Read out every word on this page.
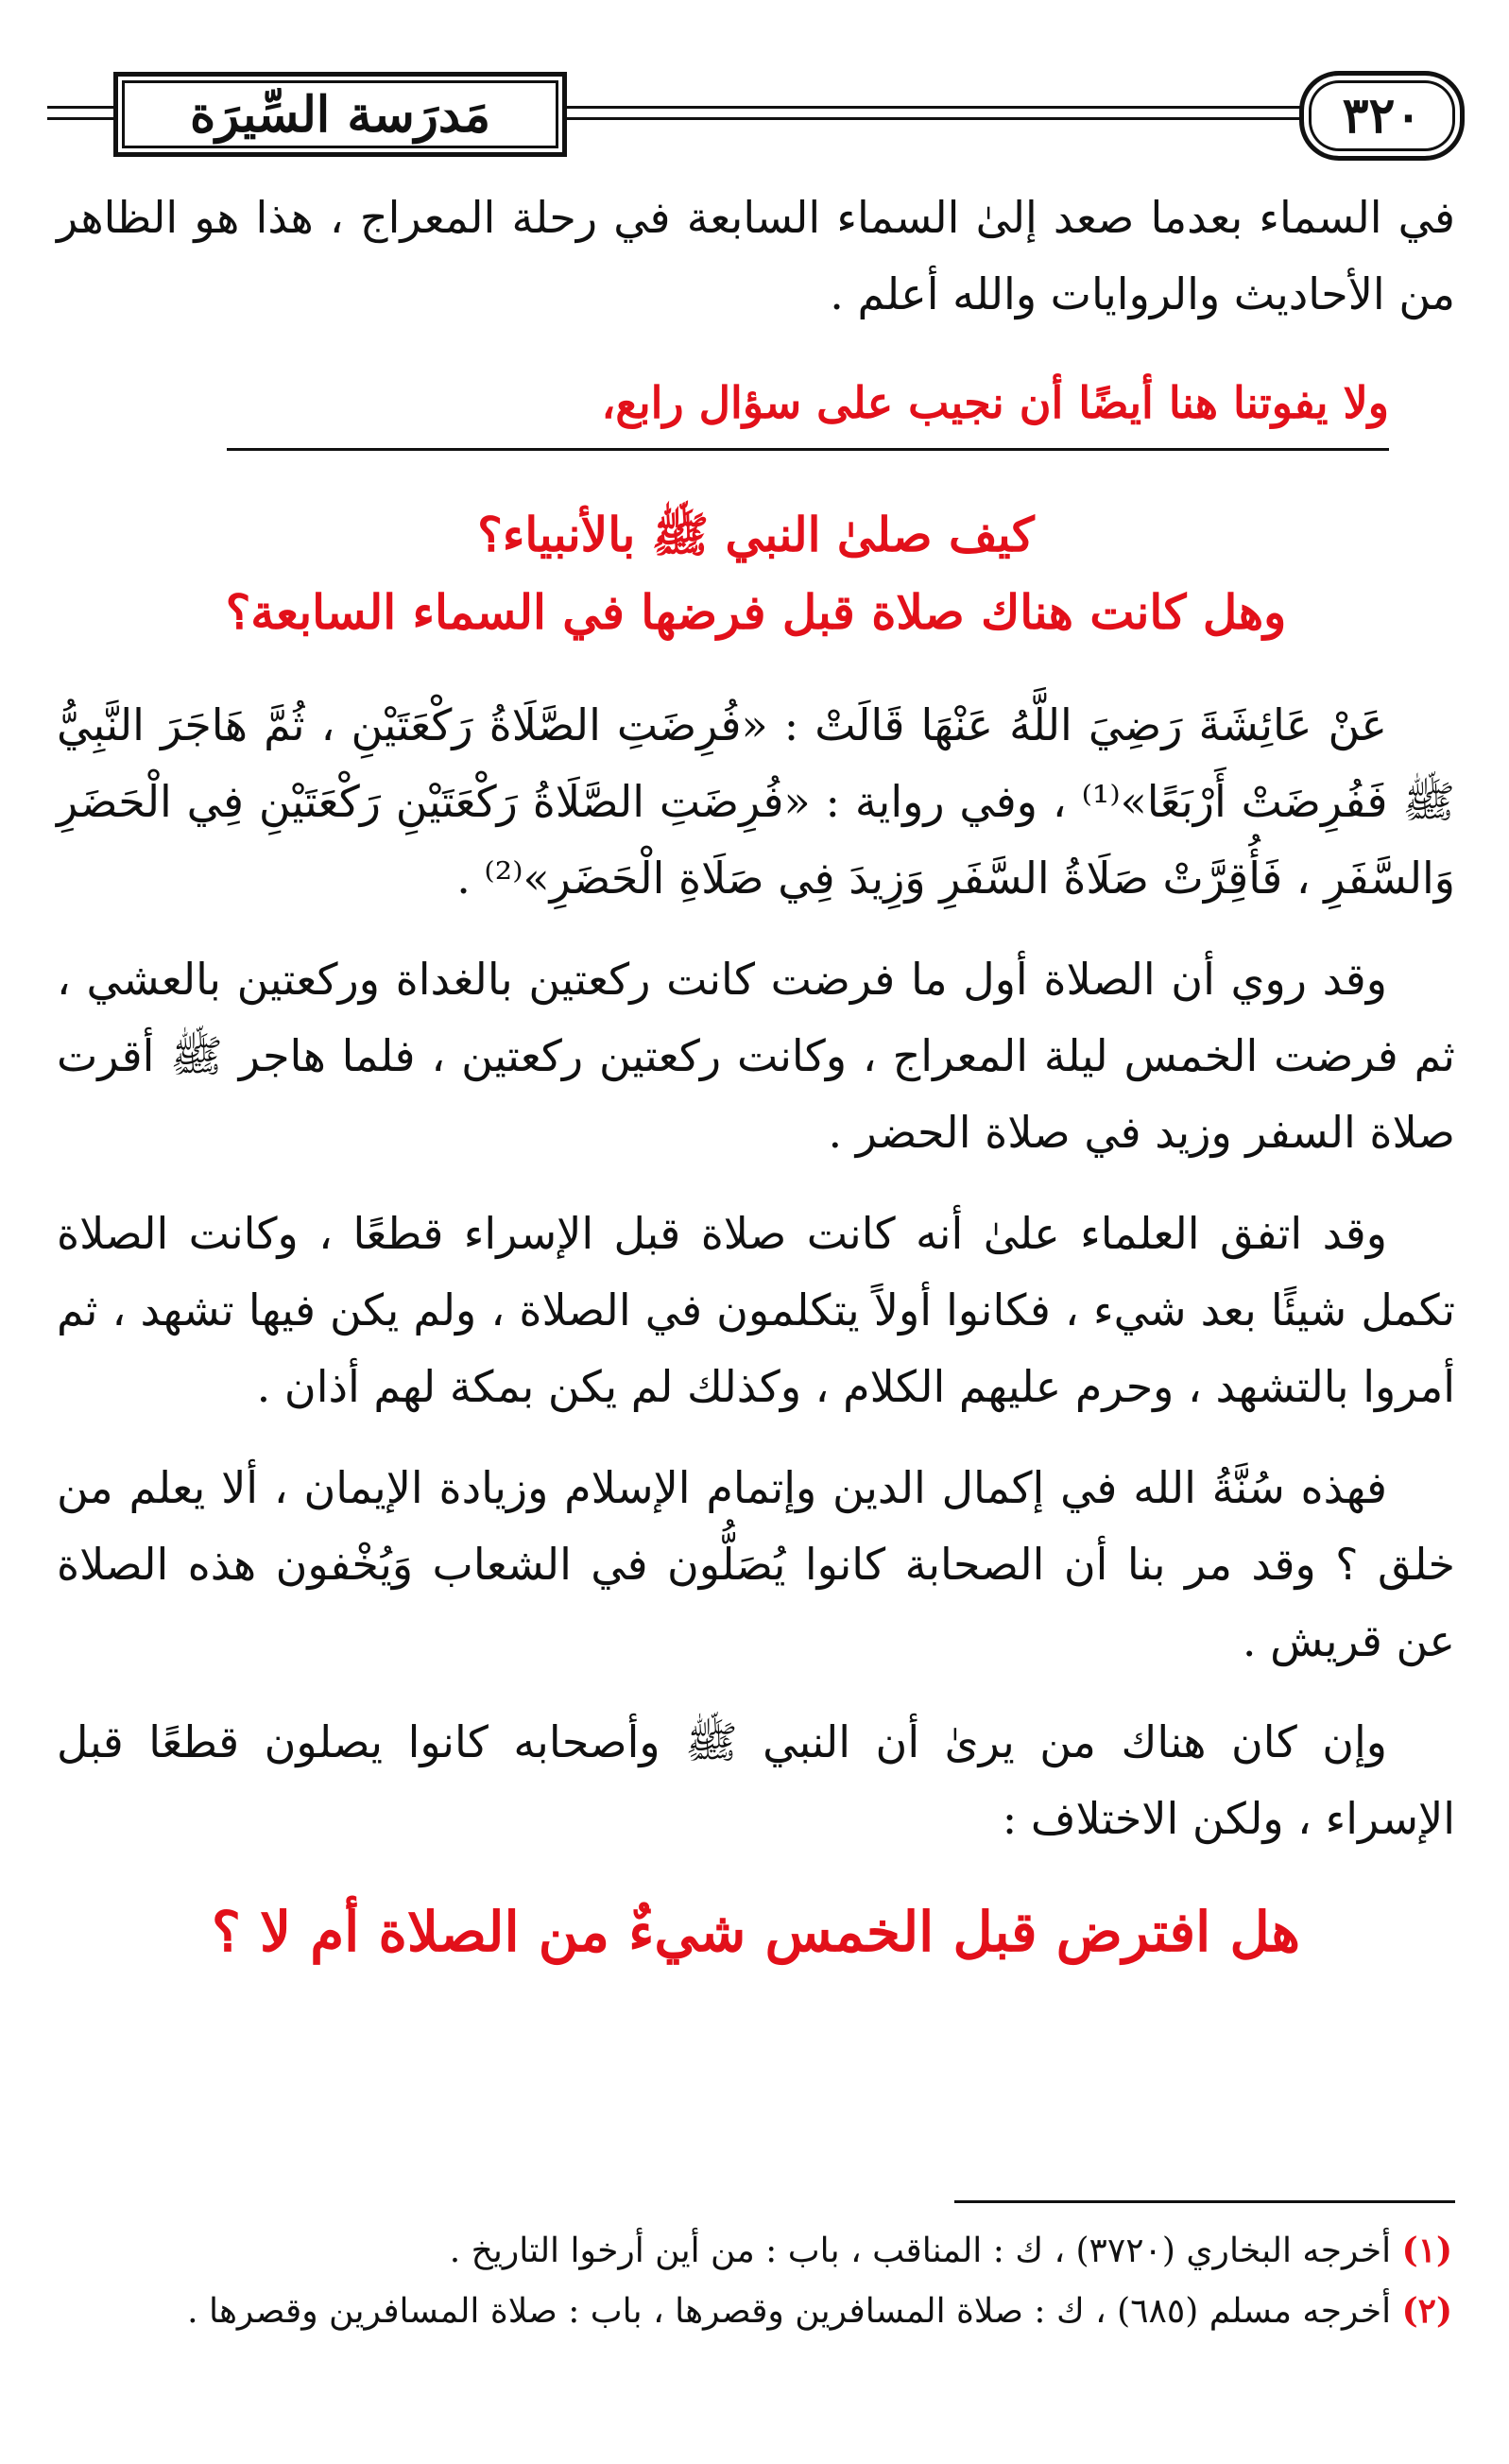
مَدرَسة السِّيرَة	٣٢٠

في السماء بعدما صعد إلىٰ السماء السابعة في رحلة المعراج ، هذا هو الظاهر من الأحاديث والروايات والله أعلم .

ولا يفوتنا هنا أيضًا أن نجيب على سؤال رابع،
كيف صلىٰ النبي ﷺ بالأنبياء؟
وهل كانت هناك صلاة قبل فرضها في السماء السابعة؟

عَنْ عَائِشَةَ رَضِيَ اللَّهُ عَنْهَا قَالَتْ : «فُرِضَتِ الصَّلَاةُ رَكْعَتَيْنِ ، ثُمَّ هَاجَرَ النَّبِيُّ ﷺ فَفُرِضَتْ أَرْبَعًا»⁽¹⁾ ، وفي رواية : «فُرِضَتِ الصَّلَاةُ رَكْعَتَيْنِ رَكْعَتَيْنِ فِي الْحَضَرِ وَالسَّفَرِ ، فَأُقِرَّتْ صَلَاةُ السَّفَرِ وَزِيدَ فِي صَلَاةِ الْحَضَرِ»⁽²⁾ .

وقد روي أن الصلاة أول ما فرضت كانت ركعتين بالغداة وركعتين بالعشي ، ثم فرضت الخمس ليلة المعراج ، وكانت ركعتين ركعتين ، فلما هاجر ﷺ أقرت صلاة السفر وزيد في صلاة الحضر .

وقد اتفق العلماء علىٰ أنه كانت صلاة قبل الإسراء قطعًا ، وكانت الصلاة تكمل شيئًا بعد شيء ، فكانوا أولاً يتكلمون في الصلاة ، ولم يكن فيها تشهد ، ثم أمروا بالتشهد ، وحرم عليهم الكلام ، وكذلك لم يكن بمكة لهم أذان .

فهذه سُنَّةُ الله في إكمال الدين وإتمام الإسلام وزيادة الإيمان ، ألا يعلم من خلق ؟ وقد مر بنا أن الصحابة كانوا يُصَلُّون في الشعاب وَيُخْفون هذه الصلاة عن قريش .

وإن كان هناك من يرىٰ أن النبي ﷺ وأصحابه كانوا يصلون قطعًا قبل الإسراء ، ولكن الاختلاف :

هل افترض قبل الخمس شيءٌ من الصلاة أم لا ؟
(١) أخرجه البخاري (٣٧٢٠) ، ك : المناقب ، باب : من أين أرخوا التاريخ .
(٢) أخرجه مسلم (٦٨٥) ، ك : صلاة المسافرين وقصرها ، باب : صلاة المسافرين وقصرها .
